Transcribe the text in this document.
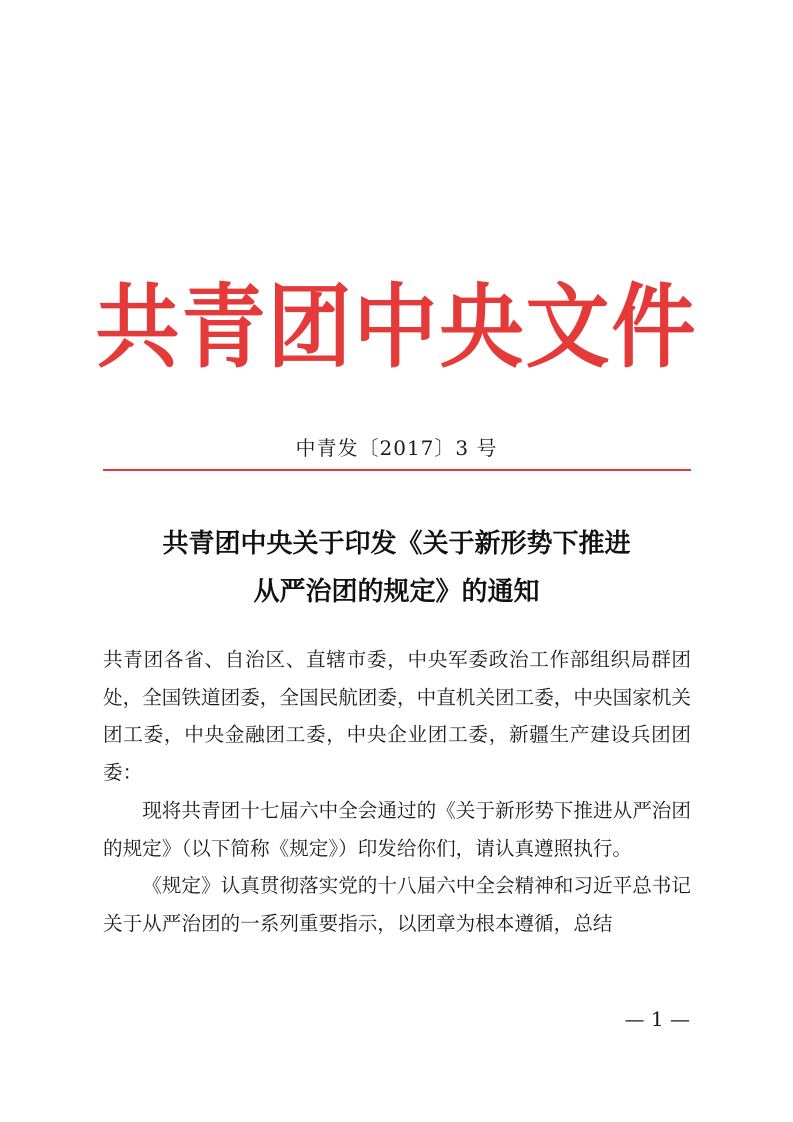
共青团中央文件
中青发〔2017〕3 号
共青团中央关于印发《关于新形势下推进
从严治团的规定》的通知

共青团各省、自治区、直辖市委，中央军委政治工作部组织局群团处，全国铁道团委，全国民航团委，中直机关团工委，中央国家机关团工委，中央金融团工委，中央企业团工委，新疆生产建设兵团团委：

现将共青团十七届六中全会通过的《关于新形势下推进从严治团的规定》（以下简称《规定》）印发给你们，请认真遵照执行。

《规定》认真贯彻落实党的十八届六中全会精神和习近平总书记关于从严治团的一系列重要指示，以团章为根本遵循，总结

— 1 —
